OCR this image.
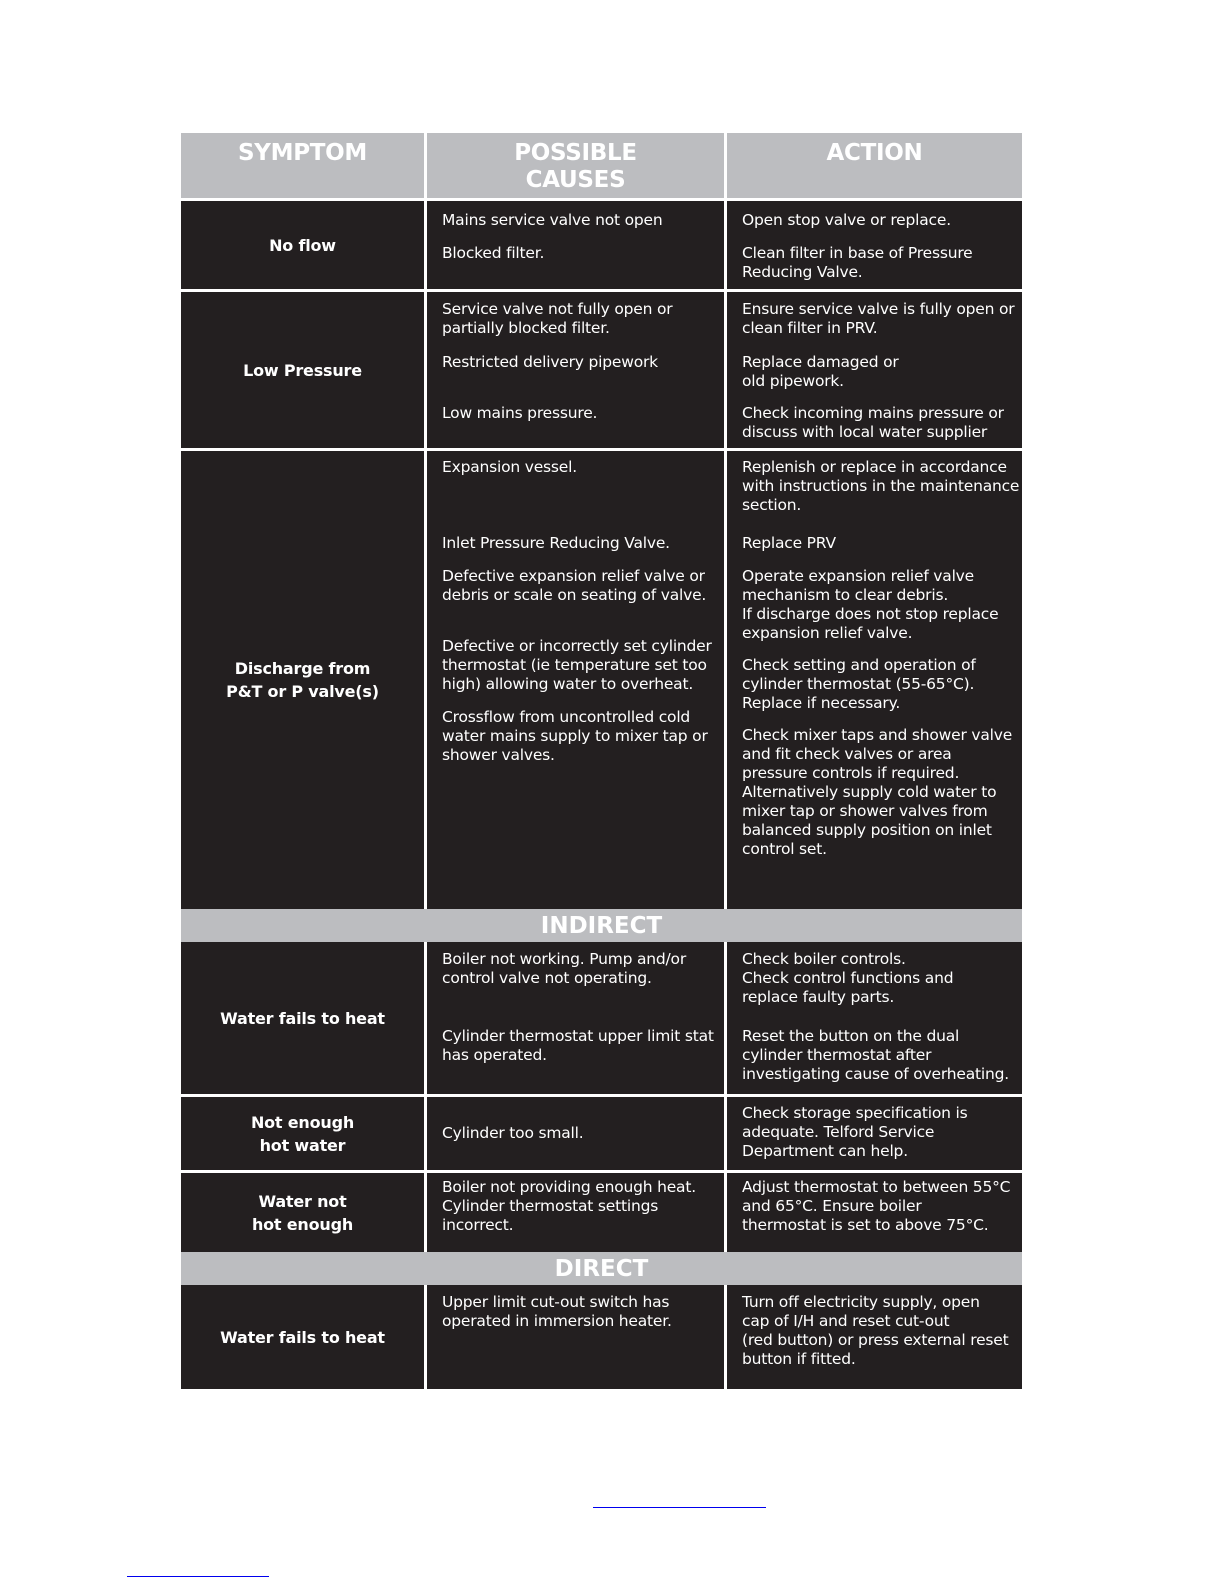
SYMPTOM	POSSIBLE
CAUSES
ACTION
No flow
Mains service valve not open
Blocked filter.
Open stop valve or replace.
Clean filter in base of Pressure
Reducing Valve.
Low Pressure
Service valve not fully open or
partially blocked filter.
Restricted delivery pipework
Low mains pressure.
Ensure service valve is fully open or
clean filter in PRV.
Replace damaged or
old pipework.
Check incoming mains pressure or
discuss with local water supplier
Discharge from
P&T or P valve(s)
Expansion vessel.
Inlet Pressure Reducing Valve.
Defective expansion relief valve or
debris or scale on seating of valve.
Defective or incorrectly set cylinder
thermostat (ie temperature set too
high) allowing water to overheat.
Crossflow from uncontrolled cold
water mains supply to mixer tap or
shower valves.
Replenish or replace in accordance
with instructions in the maintenance
section.
Replace PRV
Operate expansion relief valve
mechanism to clear debris.
If discharge does not stop replace
expansion relief valve.
Check setting and operation of
cylinder thermostat (55-65°C).
Replace if necessary.
Check mixer taps and shower valve
and fit check valves or area
pressure controls if required.
Alternatively supply cold water to
mixer tap or shower valves from
balanced supply position on inlet
control set.
INDIRECT
Water fails to heat
Boiler not working. Pump and/or
control valve not operating.
Cylinder thermostat upper limit stat
has operated.
Check boiler controls.
Check control functions and
replace faulty parts.
Reset the button on the dual
cylinder thermostat after
investigating cause of overheating.
Not enough
hot water
Cylinder too small.
Check storage specification is
adequate. Telford Service
Department can help.
Water not
hot enough
Boiler not providing enough heat.
Cylinder thermostat settings
incorrect.
Adjust thermostat to between 55°C
and 65°C. Ensure boiler
thermostat is set to above 75°C.
DIRECT
Water fails to heat
Upper limit cut-out switch has
operated in immersion heater.
Turn off electricity supply, open
cap of I/H and reset cut-out
(red button) or press external reset
button if fitted.
